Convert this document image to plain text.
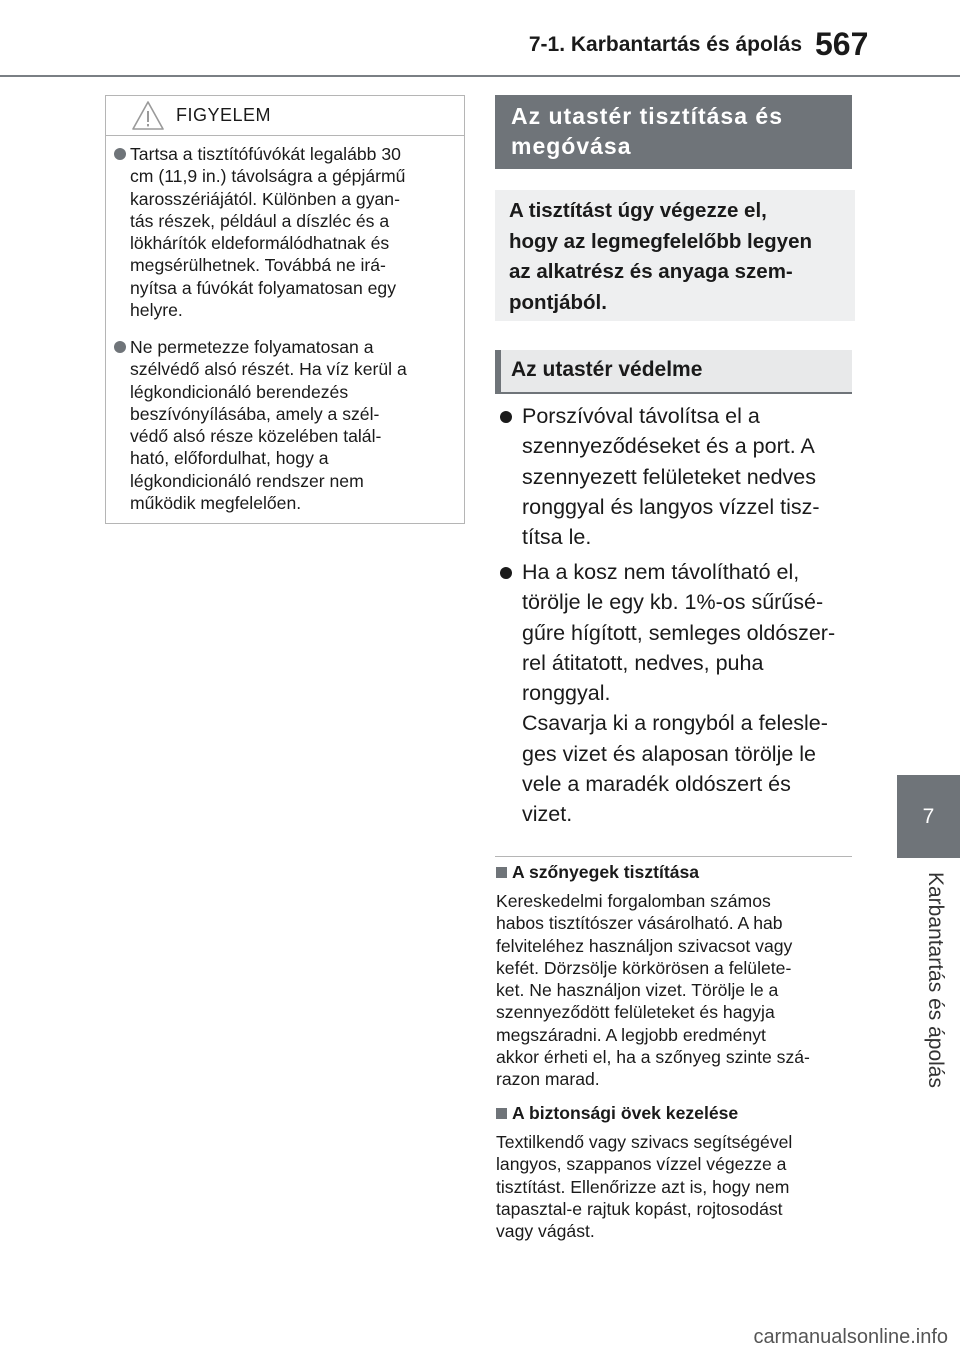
7-1. Karbantartás és ápolás 567
7
Karbantartás és ápolás
FIGYELEM
Tartsa a tisztítófúvókát legalább 30
cm (11,9 in.) távolságra a gépjármű
karosszériájától. Különben a gyan-
tás részek, például a díszléc és a
lökhárítók eldeformálódhatnak és
megsérülhetnek. Továbbá ne irá-
nyítsa a fúvókát folyamatosan egy
helyre.
Ne permetezze folyamatosan a
szélvédő alsó részét. Ha víz kerül a
légkondicionáló berendezés
beszívónyílásába, amely a szél-
védő alsó része közelében talál-
ható, előfordulhat, hogy a
légkondicionáló rendszer nem
működik megfelelően.
Az utastér tisztítása és
megóvása
A tisztítást úgy végezze el,
hogy az legmegfelelőbb legyen
az alkatrész és anyaga szem-
pontjából.
Az utastér védelme
Porszívóval távolítsa el a
szennyeződéseket és a port. A
szennyezett felületeket nedves
ronggyal és langyos vízzel tisz-
títsa le.
Ha a kosz nem távolítható el,
törölje le egy kb. 1%-os sűrűsé-
gűre hígított, semleges oldószer-
rel átitatott, nedves, puha
ronggyal.
Csavarja ki a rongyból a felesle-
ges vizet és alaposan törölje le
vele a maradék oldószert és
vizet.
A szőnyegek tisztítása
Kereskedelmi forgalomban számos
habos tisztítószer vásárolható. A hab
felviteléhez használjon szivacsot vagy
kefét. Dörzsölje körkörösen a felülete-
ket. Ne használjon vizet. Törölje le a
szennyeződött felületeket és hagyja
megszáradni. A legjobb eredményt
akkor érheti el, ha a szőnyeg szinte szá-
razon marad.
A biztonsági övek kezelése
Textilkendő vagy szivacs segítségével
langyos, szappanos vízzel végezze a
tisztítást. Ellenőrizze azt is, hogy nem
tapasztal-e rajtuk kopást, rojtosodást
vagy vágást.
carmanualsonline.info
